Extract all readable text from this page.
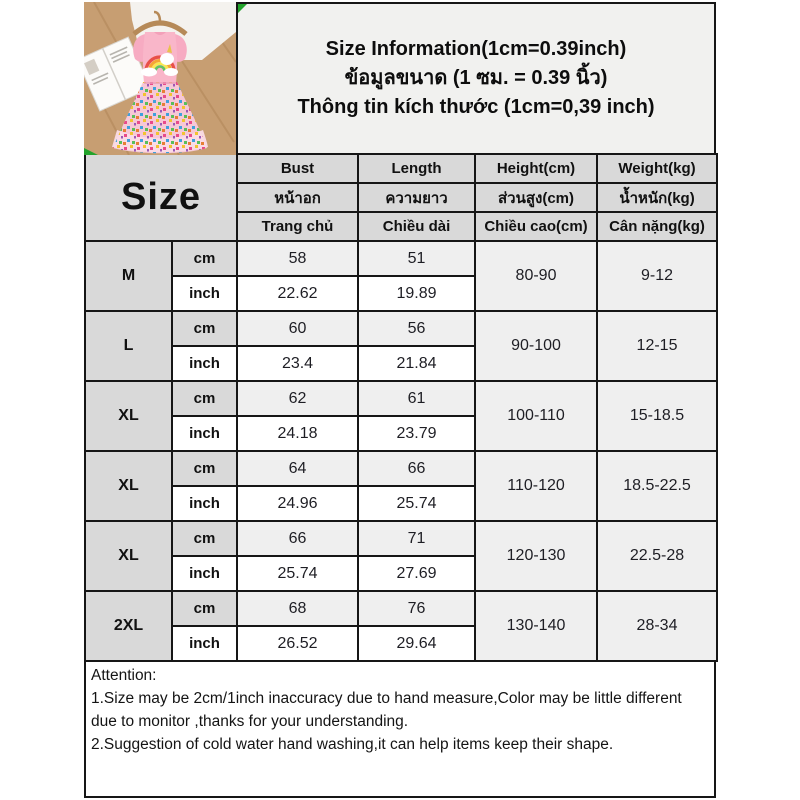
Size Information(1cm=0.39inch)
ข้อมูลขนาด (1 ซม. = 0.39 นิ้ว)
Thông tin kích thước (1cm=0,39 inch)
Size		Bust	Length	Height(cm)	Weight(kg)
		หน้าอก	ความยาว	ส่วนสูง(cm)	น้ำหนัก(kg)
		Trang chủ	Chiều dài	Chiều cao(cm)	Cân nặng(kg)
M	cm	58	51	80-90	9-12
	inch	22.62	19.89		
L	cm	60	56	90-100	12-15
	inch	23.4	21.84		
XL	cm	62	61	100-110	15-18.5
	inch	24.18	23.79		
XL	cm	64	66	110-120	18.5-22.5
	inch	24.96	25.74		
XL	cm	66	71	120-130	22.5-28
	inch	25.74	27.69		
2XL	cm	68	76	130-140	28-34
	inch	26.52	29.64		
Attention:
1.Size may be 2cm/1inch inaccuracy due to hand measure,Color may be little different due to monitor ,thanks for your understanding.
2.Suggestion of cold water hand washing,it can help items keep their shape.
